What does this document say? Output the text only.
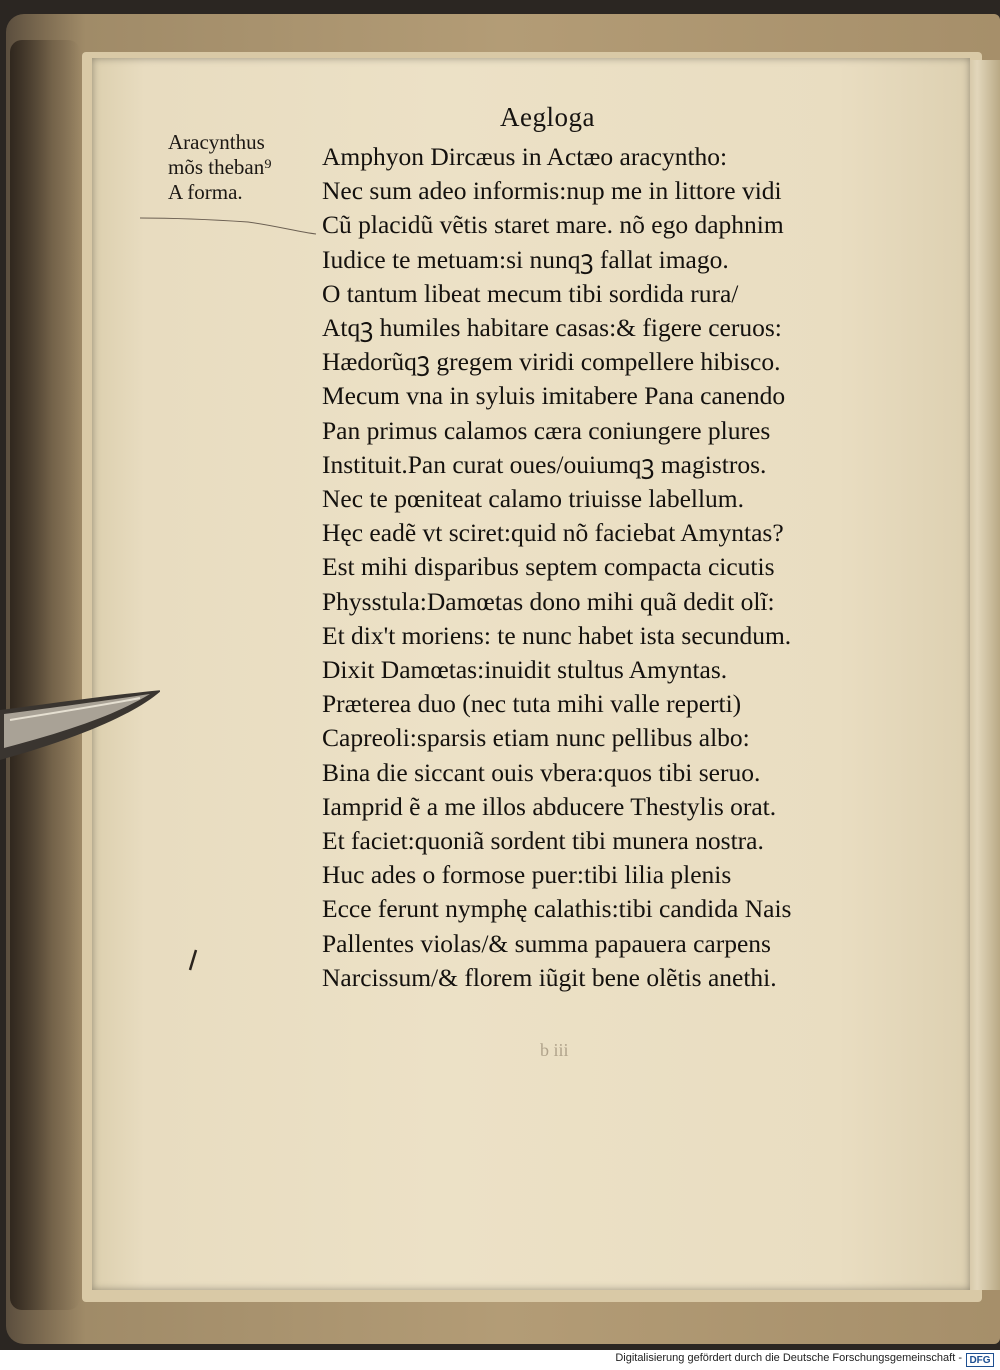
Aegloga
Aracynthus
mõs theban⁹
A forma.
Amphyon Dircæus in Actæo aracyntho:
Nec sum adeo informis:nup me in littore vidi
Cũ placidũ vẽtis staret mare. nõ ego daphnim
Iudice te metuam:si nunqꝫ fallat imago.
O tantum libeat mecum tibi sordida rura/
Atqꝫ humiles habitare casas:& figere ceruos:
Hædorũqꝫ gregem viridi compellere hibisco.
Mecum vna in syluis imitabere Pana canendo
Pan primus calamos cæra coniungere plures
Instituit.Pan curat oues/ouiumqꝫ magistros.
Nec te pœniteat calamo triuisse labellum.
Hęc eadẽ vt sciret:quid nõ faciebat Amyntas?
Est mihi disparibus septem compacta cicutis
Physstula:Damœtas dono mihi quã dedit olĩ:
Et dix't moriens: te nunc habet ista secundum.
Dixit Damœtas:inuidit stultus Amyntas.
Præterea duo (nec tuta mihi valle reperti)
Capreoli:sparsis etiam nunc pellibus albo:
Bina die siccant ouis vbera:quos tibi seruo.
Iamprid ẽ a me illos abducere Thestylis orat.
Et faciet:quoniã sordent tibi munera nostra.
Huc ades o formose puer:tibi lilia plenis
Ecce ferunt nymphę calathis:tibi candida Nais
Pallentes violas/& summa papauera carpens
Narcissum/& florem iũgit bene olẽtis anethi.
b iii
Digitalisierung gefördert durch die Deutsche Forschungsgemeinschaft - DFG
